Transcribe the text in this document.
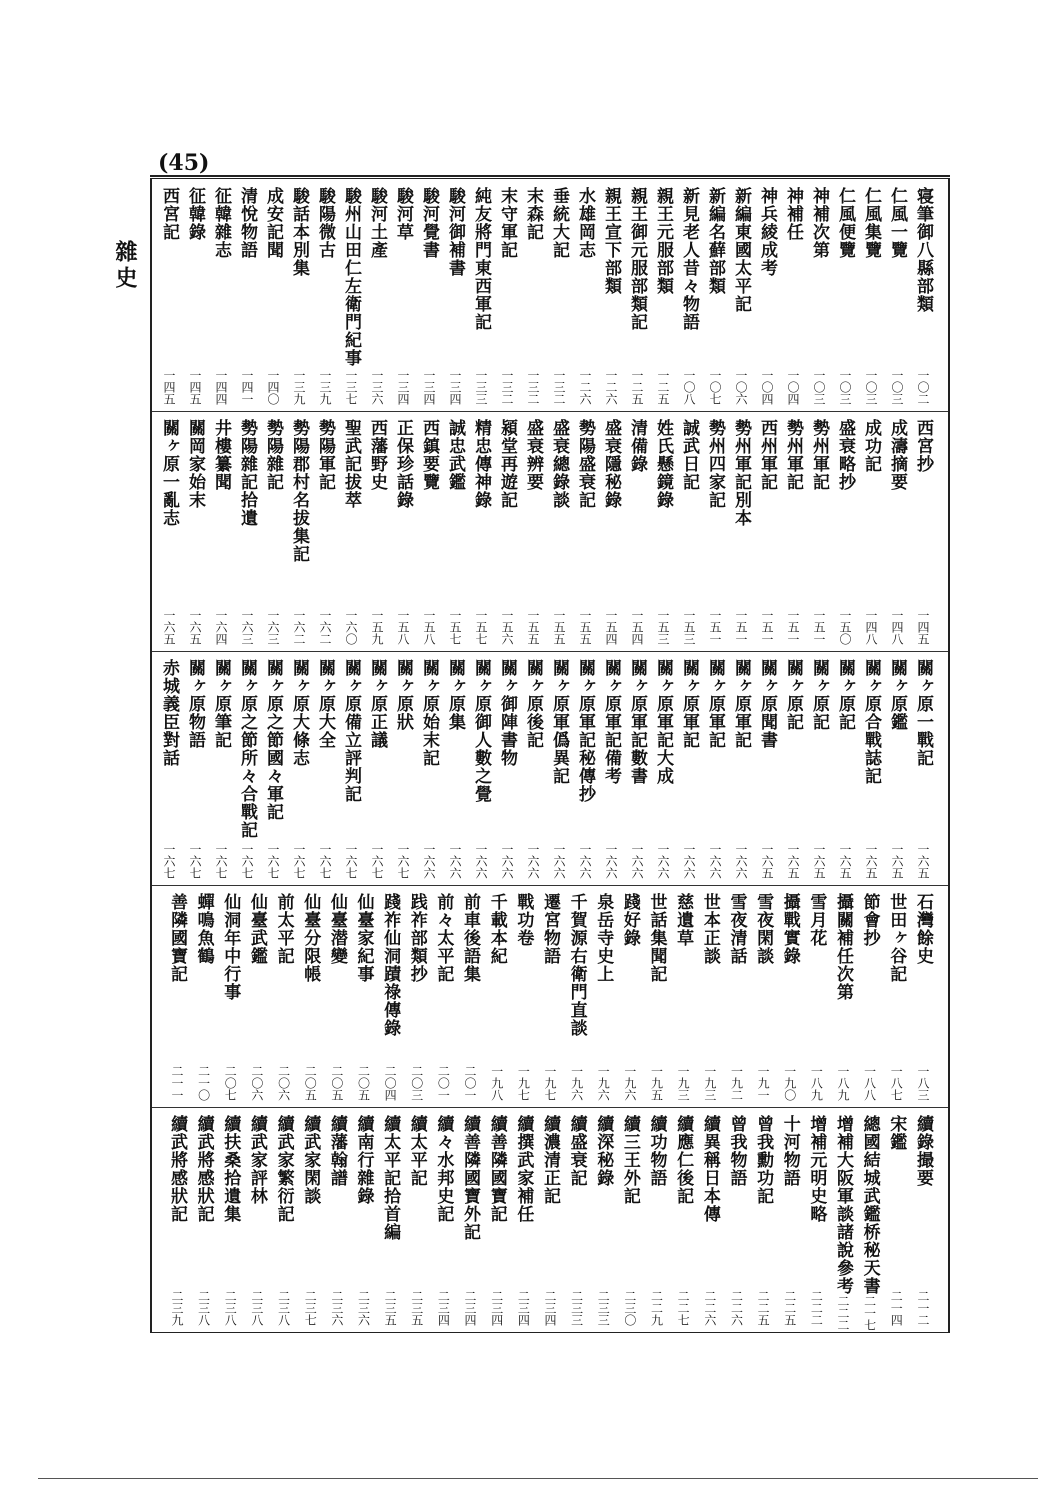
(45)
雜史	寝筆御八縣部類
一〇二
仁風一覽
一〇三
仁風集覽
一〇三
仁風便覽
一〇三
神補次第
一〇三
神補任
一〇四
神兵綾成考
一〇四
新編東國太平記
一〇六
新編名蘚部類
一〇七
新見老人昔々物語
一〇八
親王元服部類
一二五
親王御元服部類記
一二五
親王宣下部類
一二六
水雄岡志
一二六
垂統大記
一三二
末森記
一三二
末守軍記
一三二
純友將門東西軍記
一三三
駿河御補書
一三四
駿河覺書
一三四
駿河草
一三四
駿河土產
一三六
駿州山田仁左衛門紀事
一三七
駿陽微古
一三九
駿話本別集
一三九
成安記聞
一四〇
清悅物語
一四一
征韓雜志
一四四
征韓錄
一四五
西宮記
一四五
西宮抄
一四五
成濤摘要
一四八
成功記
一四八
盛衰略抄
一五〇
勢州軍記
一五一
勢州軍記
一五一
西州軍記
一五一
勢州軍記別本
一五一
勢州四家記
一五一
誠武日記
一五三
姓氏懸鏡錄
一五三
清備錄
一五四
盛衰隱秘錄
一五四
勢陽盛衰記
一五五
盛衰總錄談
一五五
盛衰辨要
一五五
潁堂再遊記
一五六
精忠傳神錄
一五七
誠忠武鑑
一五七
西鎮要覽
一五八
正保珍話錄
一五八
西藩野史
一五九
聖武記拔萃
一六〇
勢陽軍記
一六二
勢陽郡村名拔集記
一六二
勢陽雜記
一六三
勢陽雜記拾遺
一六三
井樓纂聞
一六四
關岡家始末
一六五
關ヶ原一亂志
一六五
關ヶ原一戰記
一六五
關ヶ原鑑
一六五
關ヶ原合戰誌記
一六五
關ヶ原記
一六五
關ヶ原記
一六五
關ヶ原記
一六五
關ヶ原聞書
一六五
關ヶ原軍記
一六六
關ヶ原軍記
一六六
關ヶ原軍記
一六六
關ヶ原軍記大成
一六六
關ヶ原軍記數書
一六六
關ヶ原軍記備考
一六六
關ヶ原軍記秘傳抄
一六六
關ヶ原軍僞異記
一六六
關ヶ原後記
一六六
關ヶ御陣書物
一六六
關ヶ原御人數之覺
一六六
關ヶ原集
一六六
關ヶ原始末記
一六六
關ヶ原狀
一六七
關ヶ原正議
一六七
關ヶ原備立評判記
一六七
關ヶ原大全
一六七
關ヶ原大條志
一六七
關ヶ原之節國々軍記
一六七
關ヶ原之節所々合戰記
一六七
關ヶ原筆記
一六七
關ヶ原物語
一六七
赤城義臣對話
一六七
石灣餘史
一八三
世田ヶ谷記
一八七
節會抄
一八八
攝關補任次第
一八九
雪月花
一八九
攝戰實錄
一九〇
雪夜閑談
一九一
雪夜清話
一九二
世本正談
一九三
慈遺草
一九三
世話集聞記
一九五
踐好錄
一九六
泉岳寺史上
一九六
千賀源右衛門直談
一九六
遷宮物語
一九七
戰功卷
一九七
千載本紀
一九八
前車後語集
二〇一
前々太平記
二〇一
践祚部類抄
二〇三
踐祚仙洞蹟祿傳錄
二〇四
仙臺家紀事
二〇五
仙臺潜變
二〇五
仙臺分限帳
二〇五
前太平記
二〇六
仙臺武鑑
二〇六
仙洞年中行事
二〇七
蟬鳴魚鶴
二一〇
善隣國寶記
二一一
續錄撮要
二一二
宋鑑
二一四
總國結城武鑑桥秘天書
二一七
增補大阪軍談諸說參考
二二二
增補元明史略
二二二
十河物語
二二五
曾我勳功記
二二五
曾我物語
二二六
續異稱日本傳
二二六
續應仁後記
二二七
續功物語
二二九
續三王外記
二三〇
續深秘錄
二三三
續盛衰記
二三三
續濃清正記
二三四
續撰武家補任
二三四
續善隣國寶記
二三四
續善隣國寶外記
二三四
續々水邦史記
二三四
續太平記
二三五
續太平記拾首編
二三五
續南行雜錄
二三六
續藩翰譜
二三六
續武家閑談
二三七
續武家繁衍記
二三八
續武家評林
二三八
續扶桑拾遺集
二三八
續武將感狀記
二三八
續武將感狀記
二三九
